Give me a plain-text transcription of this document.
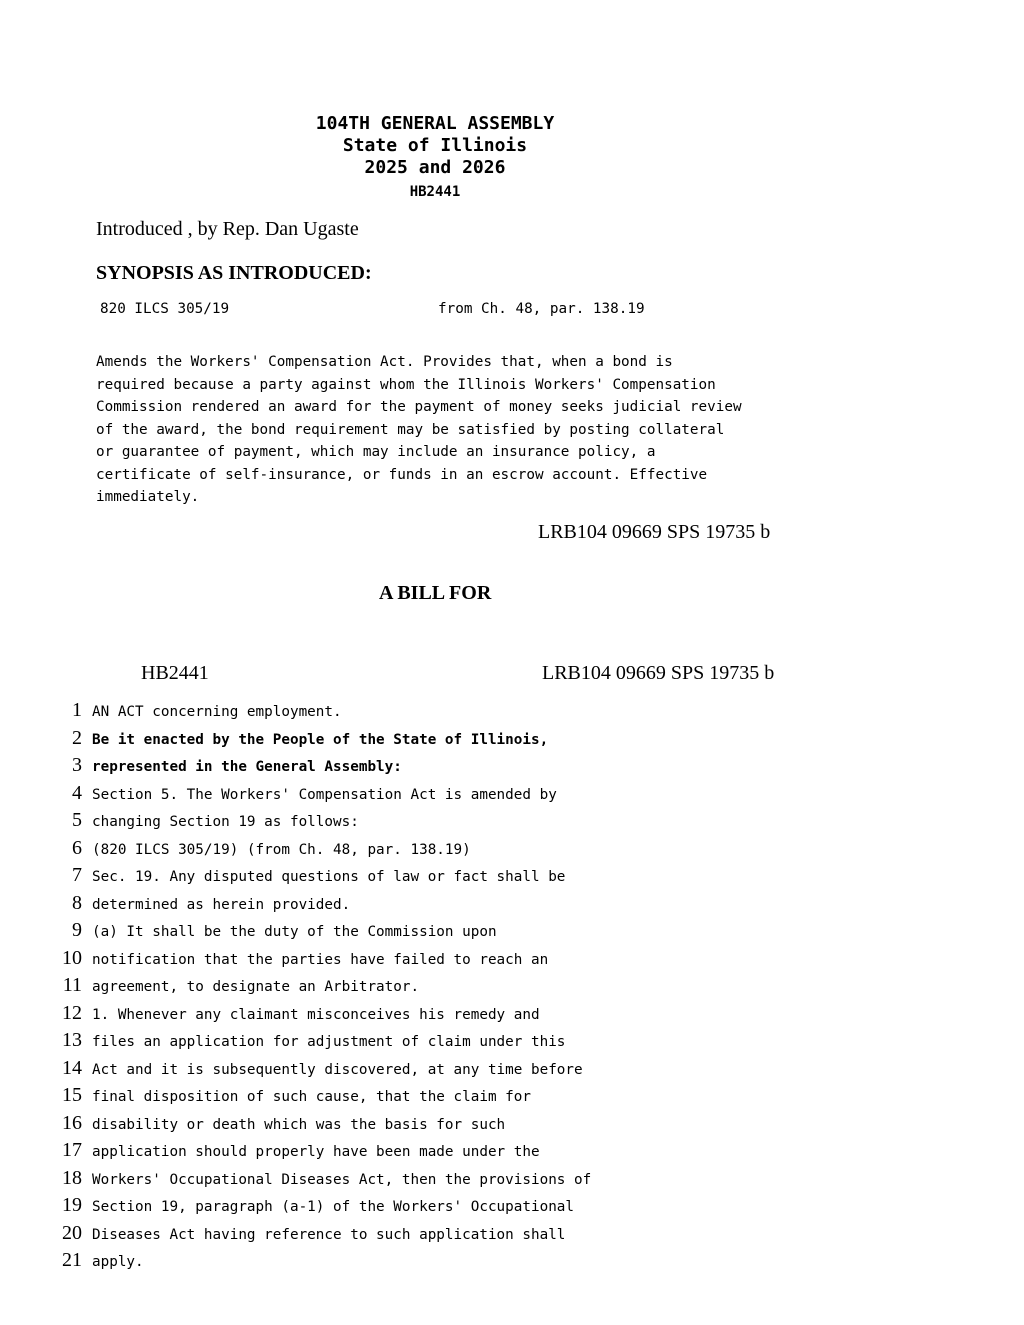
104TH GENERAL ASSEMBLY
State of Illinois
2025 and 2026
HB2441
Introduced , by Rep. Dan Ugaste
SYNOPSIS AS INTRODUCED:
820 ILCS 305/19	from Ch. 48, par. 138.19
Amends the Workers' Compensation Act. Provides that, when a bond is
required because a party against whom the Illinois Workers' Compensation
Commission rendered an award for the payment of money seeks judicial review
of the award, the bond requirement may be satisfied by posting collateral
or guarantee of payment, which may include an insurance policy, a
certificate of self-insurance, or funds in an escrow account. Effective
immediately.
LRB104 09669 SPS 19735 b
A BILL FOR
HB2441	LRB104 09669 SPS 19735 b
1 AN ACT concerning employment.
2 Be it enacted by the People of the State of Illinois,
3 represented in the General Assembly:
4 Section 5. The Workers' Compensation Act is amended by
5 changing Section 19 as follows:
6 (820 ILCS 305/19) (from Ch. 48, par. 138.19)
7 Sec. 19. Any disputed questions of law or fact shall be
8 determined as herein provided.
9 (a) It shall be the duty of the Commission upon
10 notification that the parties have failed to reach an
11 agreement, to designate an Arbitrator.
12 1. Whenever any claimant misconceives his remedy and
13 files an application for adjustment of claim under this
14 Act and it is subsequently discovered, at any time before
15 final disposition of such cause, that the claim for
16 disability or death which was the basis for such
17 application should properly have been made under the
18 Workers' Occupational Diseases Act, then the provisions of
19 Section 19, paragraph (a-1) of the Workers' Occupational
20 Diseases Act having reference to such application shall
21 apply.
